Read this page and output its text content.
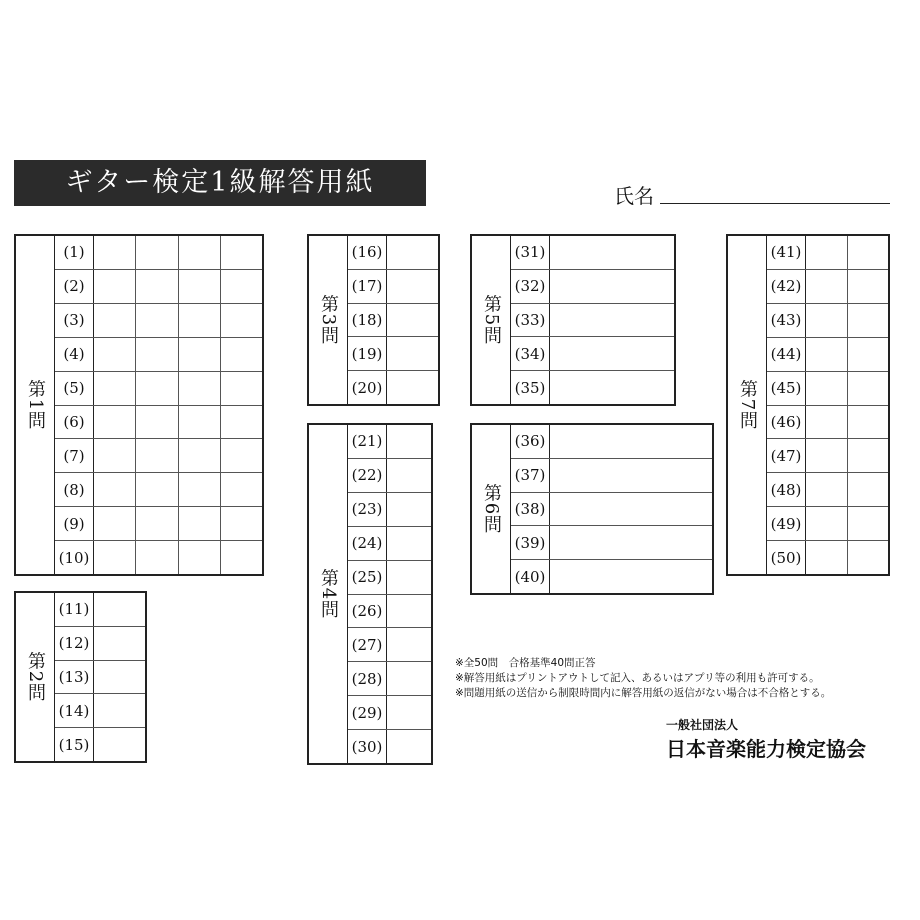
ギター検定1級解答用紙	氏名
第1問
(1)
(2)
(3)
(4)
(5)
(6)
(7)
(8)
(9)
(10)
第2問
(11)
(12)
(13)
(14)
(15)
第3問
(16)
(17)
(18)
(19)
(20)
第4問
(21)
(22)
(23)
(24)
(25)
(26)
(27)
(28)
(29)
(30)
第5問
(31)
(32)
(33)
(34)
(35)
第6問
(36)
(37)
(38)
(39)
(40)
第7問
(41)
(42)
(43)
(44)
(45)
(46)
(47)
(48)
(49)
(50)
※全50問　合格基準40問正答
※解答用紙はプリントアウトして記入、あるいはアプリ等の利用も許可する。
※問題用紙の送信から制限時間内に解答用紙の返信がない場合は不合格とする。
一般社団法人
日本音楽能力検定協会
